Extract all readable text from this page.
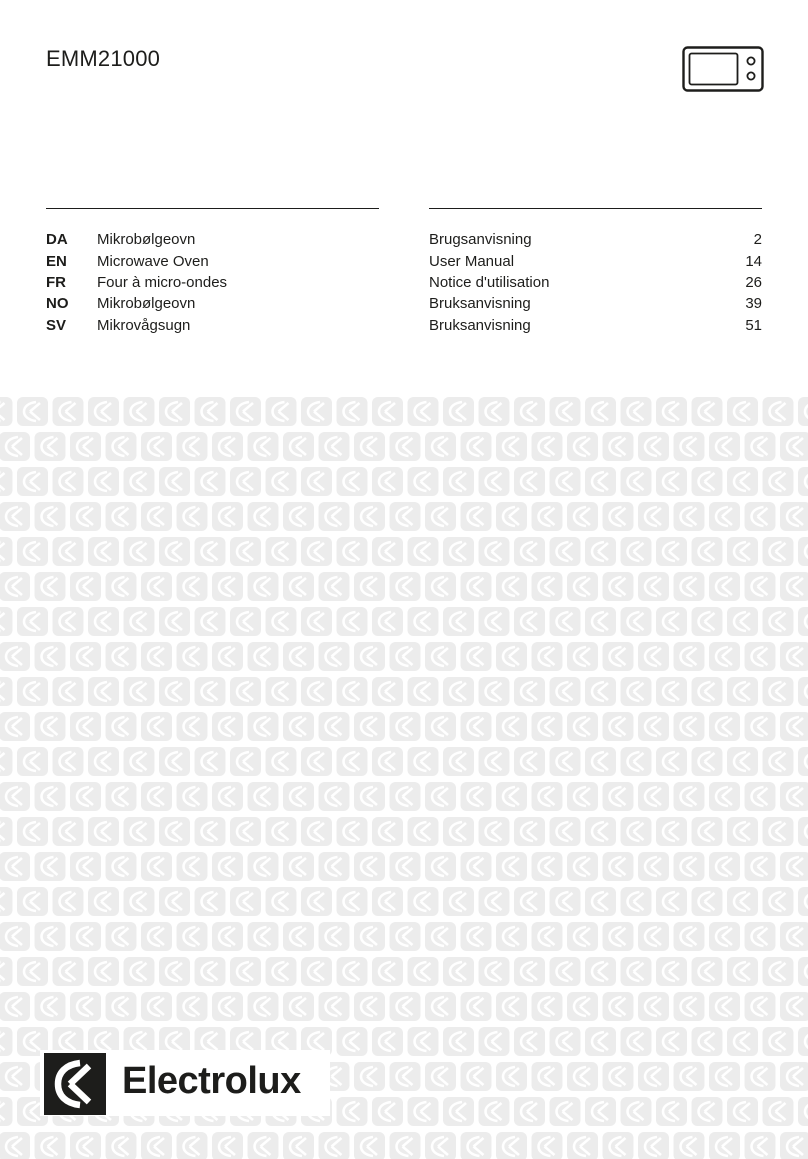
EMM21000
DA Mikrobølgeovn	Brugsanvisning	2
EN Microwave Oven	User Manual	14
FR Four à micro-ondes	Notice d'utilisation	26
NO Mikrobølgeovn	Bruksanvisning	39
SV Mikrovågsugn	Bruksanvisning	51
Electrolux
